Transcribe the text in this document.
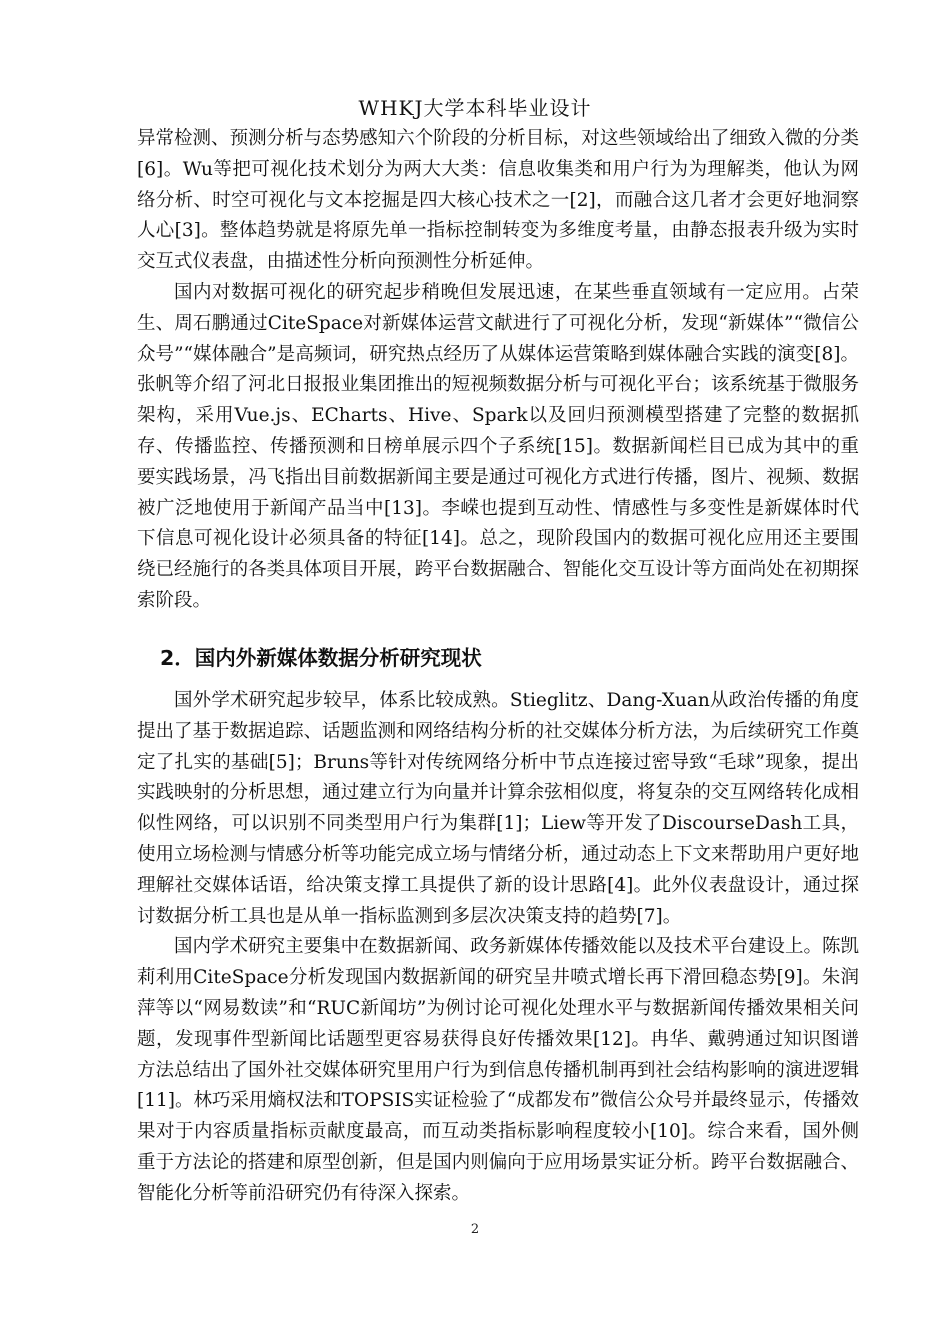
WHKJ大学本科毕业设计

异常检测、预测分析与态势感知六个阶段的分析目标，对这些领域给出了细致入微的分类[6]。Wu等把可视化技术划分为两大大类：信息收集类和用户行为为理解类，他认为网络分析、时空可视化与文本挖掘是四大核心技术之一[2]，而融合这几者才会更好地洞察人心[3]。整体趋势就是将原先单一指标控制转变为多维度考量，由静态报表升级为实时交互式仪表盘，由描述性分析向预测性分析延伸。

国内对数据可视化的研究起步稍晚但发展迅速，在某些垂直领域有一定应用。占荣生、周石鹏通过CiteSpace对新媒体运营文献进行了可视化分析，发现“新媒体”“微信公众号”“媒体融合”是高频词，研究热点经历了从媒体运营策略到媒体融合实践的演变[8]。张帆等介绍了河北日报报业集团推出的短视频数据分析与可视化平台；该系统基于微服务架构，采用Vue.js、ECharts、Hive、Spark以及回归预测模型搭建了完整的数据抓存、传播监控、传播预测和日榜单展示四个子系统[15]。数据新闻栏目已成为其中的重要实践场景，冯飞指出目前数据新闻主要是通过可视化方式进行传播，图片、视频、数据被广泛地使用于新闻产品当中[13]。李嵘也提到互动性、情感性与多变性是新媒体时代下信息可视化设计必须具备的特征[14]。总之，现阶段国内的数据可视化应用还主要围绕已经施行的各类具体项目开展，跨平台数据融合、智能化交互设计等方面尚处在初期探索阶段。

2．国内外新媒体数据分析研究现状

国外学术研究起步较早，体系比较成熟。Stieglitz、Dang-Xuan从政治传播的角度提出了基于数据追踪、话题监测和网络结构分析的社交媒体分析方法，为后续研究工作奠定了扎实的基础[5]；Bruns等针对传统网络分析中节点连接过密导致“毛球”现象，提出实践映射的分析思想，通过建立行为向量并计算余弦相似度，将复杂的交互网络转化成相似性网络，可以识别不同类型用户行为集群[1]；Liew等开发了DiscourseDash工具，使用立场检测与情感分析等功能完成立场与情绪分析，通过动态上下文来帮助用户更好地理解社交媒体话语，给决策支撑工具提供了新的设计思路[4]。此外仪表盘设计，通过探讨数据分析工具也是从单一指标监测到多层次决策支持的趋势[7]。

国内学术研究主要集中在数据新闻、政务新媒体传播效能以及技术平台建设上。陈凯莉利用CiteSpace分析发现国内数据新闻的研究呈井喷式增长再下滑回稳态势[9]。朱润萍等以“网易数读”和“RUC新闻坊”为例讨论可视化处理水平与数据新闻传播效果相关问题，发现事件型新闻比话题型更容易获得良好传播效果[12]。冉华、戴骋通过知识图谱方法总结出了国外社交媒体研究里用户行为到信息传播机制再到社会结构影响的演进逻辑[11]。林巧采用熵权法和TOPSIS实证检验了“成都发布”微信公众号并最终显示，传播效果对于内容质量指标贡献度最高，而互动类指标影响程度较小[10]。综合来看，国外侧重于方法论的搭建和原型创新，但是国内则偏向于应用场景实证分析。跨平台数据融合、智能化分析等前沿研究仍有待深入探索。

2
